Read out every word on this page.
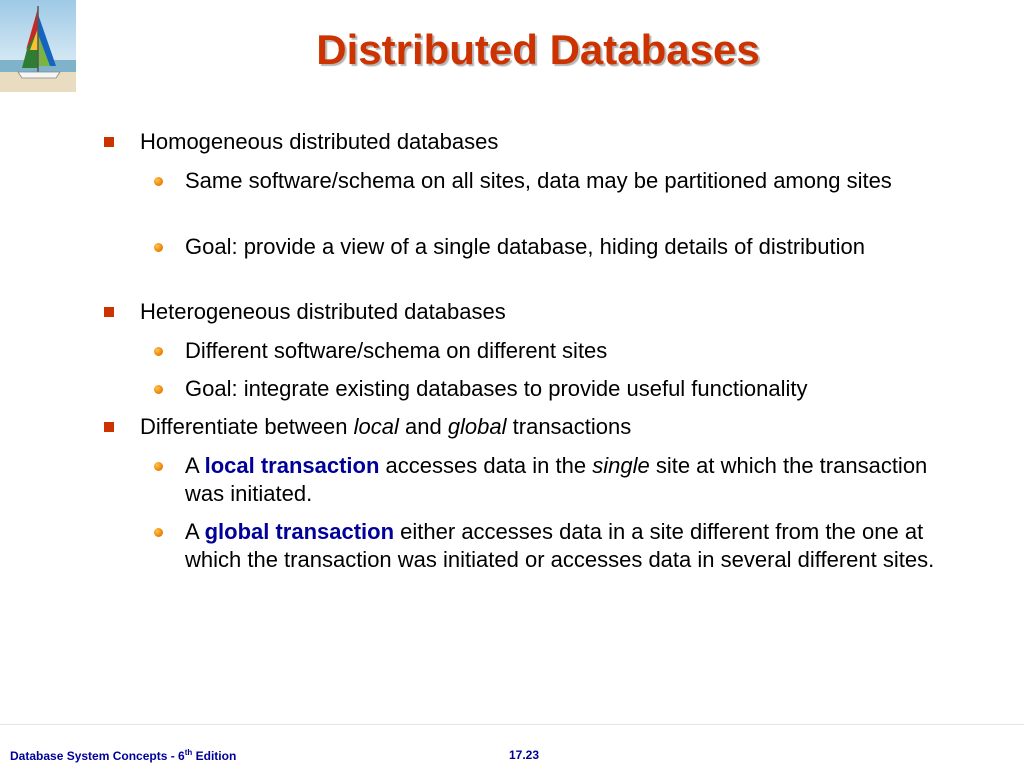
Distributed Databases
Homogeneous distributed databases
Same software/schema on all sites, data may be partitioned among sites
Goal: provide a view of a single database, hiding details of distribution
Heterogeneous distributed databases
Different software/schema on different sites
Goal: integrate existing databases to provide useful functionality
Differentiate between local and global transactions
A local transaction accesses data in the single site at which the transaction was initiated.
A global transaction either accesses data in a site different from the one at which the transaction was initiated or accesses data in several different sites.
Database System Concepts - 6th Edition	17.23
